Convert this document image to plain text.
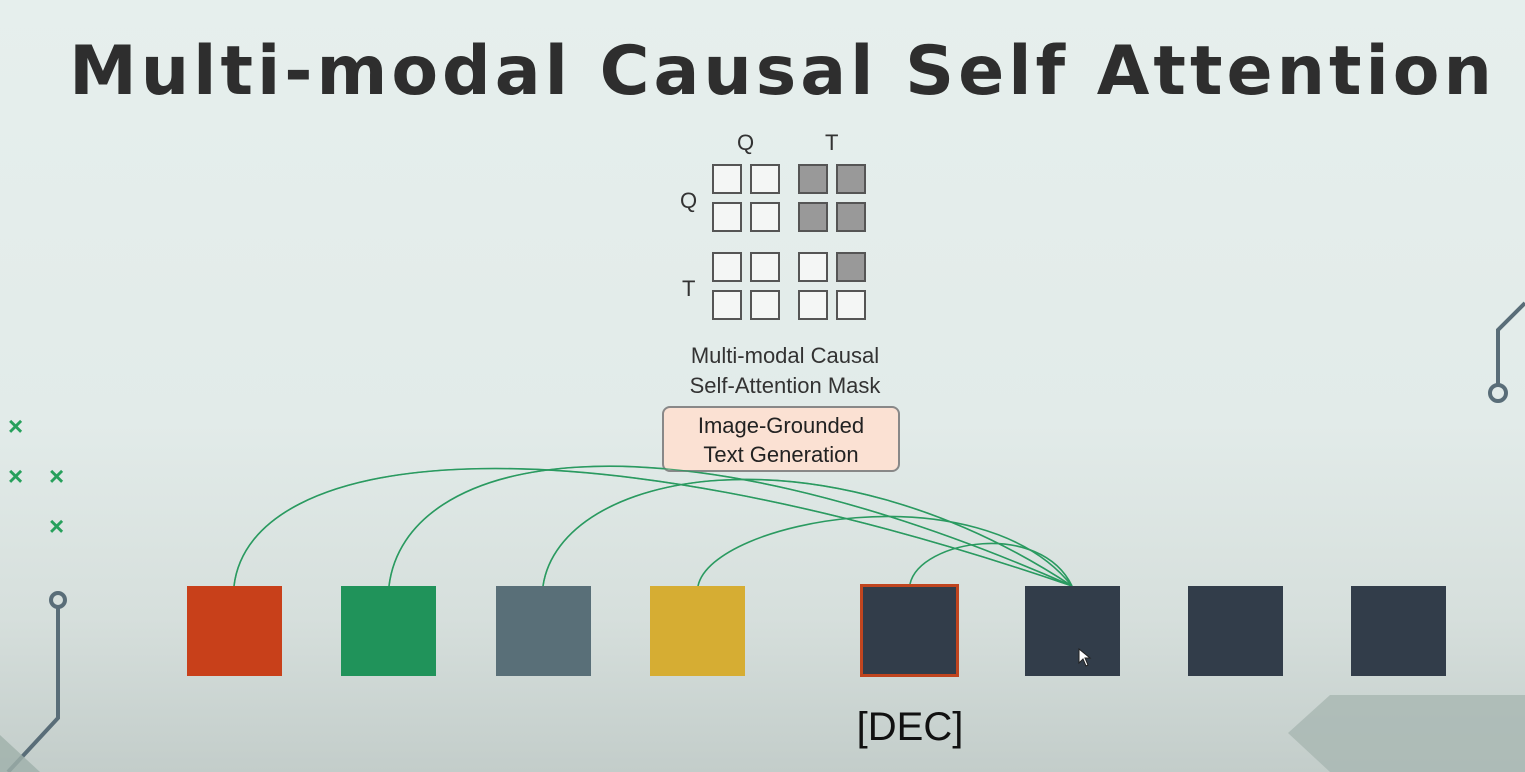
Multi-modal Causal Self Attention
Q	T
Q
T
Multi-modal Causal
Self-Attention Mask
Image-Grounded
Text Generation
[DEC]
×
× ×
×
